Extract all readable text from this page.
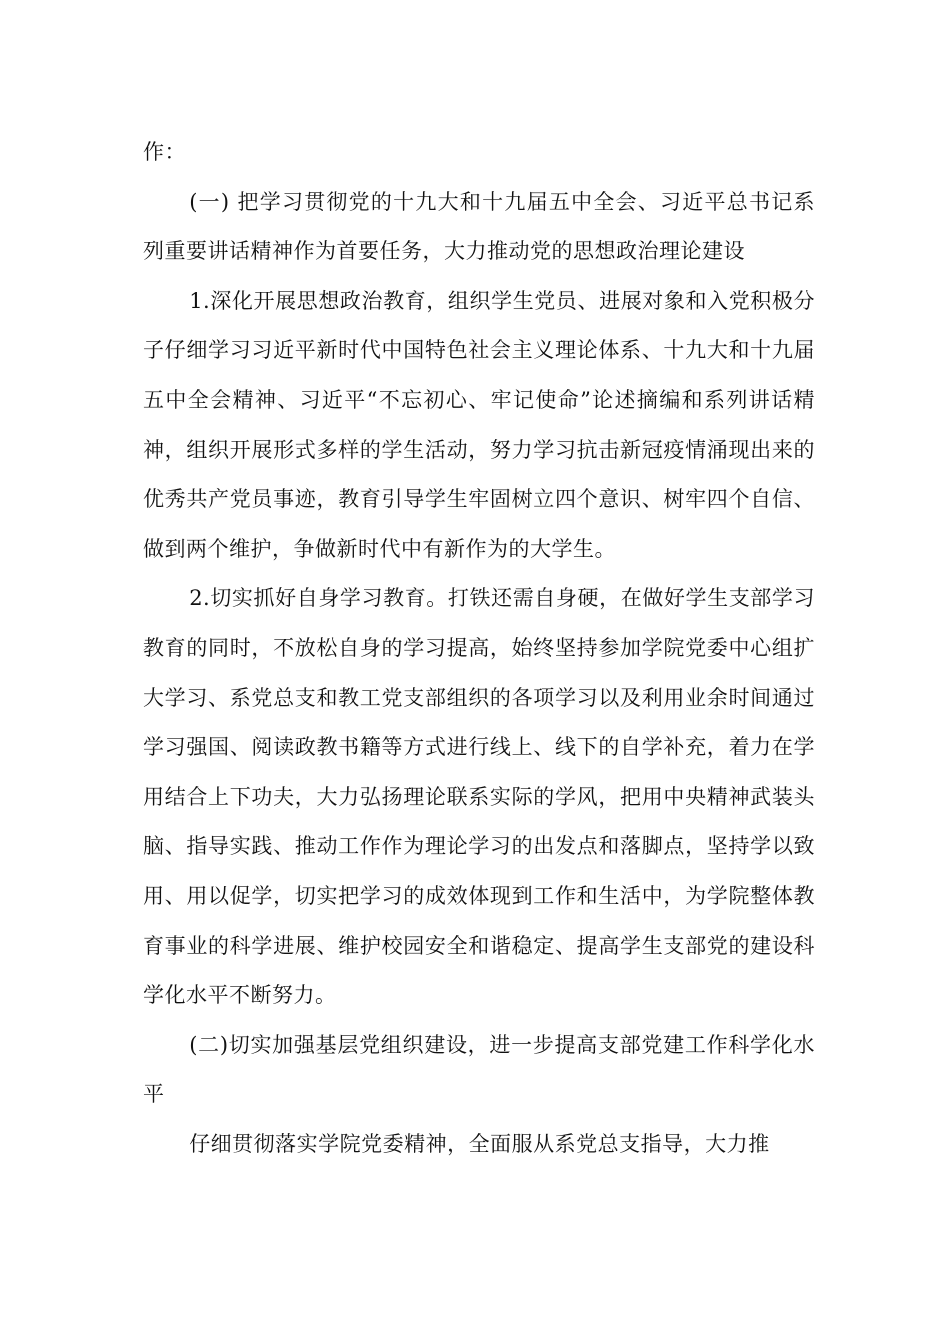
作：

(一) 把学习贯彻党的十九大和十九届五中全会、习近平总书记系列重要讲话精神作为首要任务，大力推动党的思想政治理论建设

1.深化开展思想政治教育，组织学生党员、进展对象和入党积极分子仔细学习习近平新时代中国特色社会主义理论体系、十九大和十九届五中全会精神、习近平“不忘初心、牢记使命”论述摘编和系列讲话精神，组织开展形式多样的学生活动，努力学习抗击新冠疫情涌现出来的优秀共产党员事迹，教育引导学生牢固树立四个意识、树牢四个自信、做到两个维护，争做新时代中有新作为的大学生。

2.切实抓好自身学习教育。打铁还需自身硬，在做好学生支部学习教育的同时，不放松自身的学习提高，始终坚持参加学院党委中心组扩大学习、系党总支和教工党支部组织的各项学习以及利用业余时间通过学习强国、阅读政教书籍等方式进行线上、线下的自学补充，着力在学用结合上下功夫，大力弘扬理论联系实际的学风，把用中央精神武装头脑、指导实践、推动工作作为理论学习的出发点和落脚点，坚持学以致用、用以促学，切实把学习的成效体现到工作和生活中，为学院整体教育事业的科学进展、维护校园安全和谐稳定、提高学生支部党的建设科学化水平不断努力。

(二)切实加强基层党组织建设，进一步提高支部党建工作科学化水平

仔细贯彻落实学院党委精神，全面服从系党总支指导，大力推
